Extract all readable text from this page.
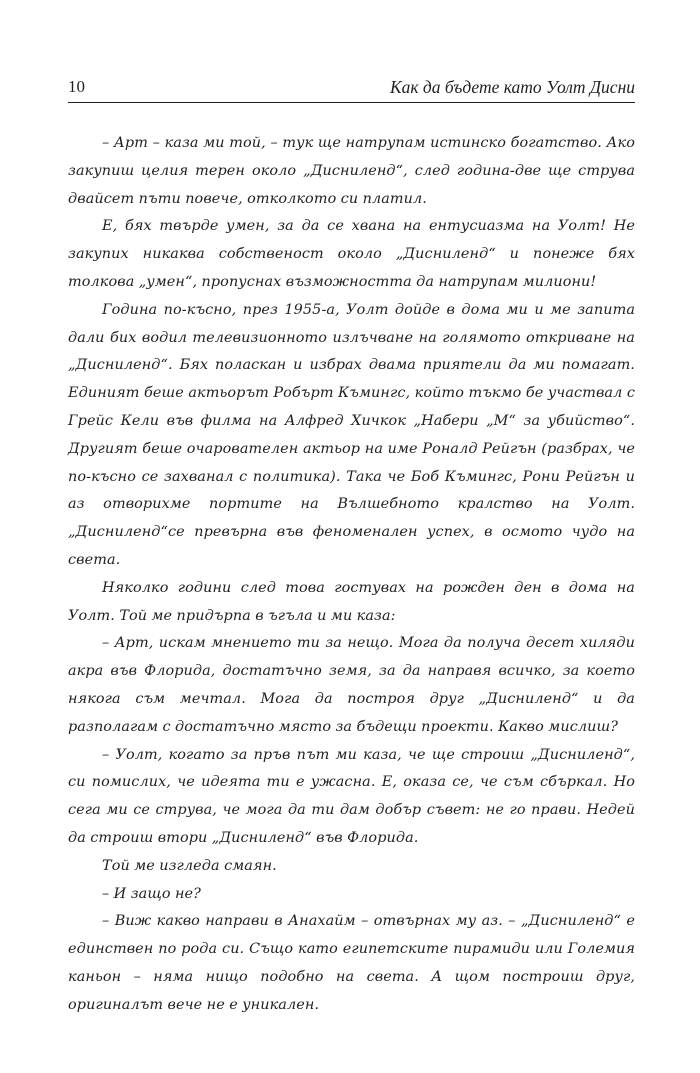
10	Как да бъдете като Уолт Дисни

– Арт – каза ми той, – тук ще натрупам истинско богатство. Ако закупиш целия терен около „Дисниленд“, след година-две ще струва двайсет пъти повече, отколкото си платил.

Е, бях твърде умен, за да се хвана на ентусиазма на Уолт! Не закупих никаква собственост около „Дисниленд“ и понеже бях толкова „умен“, пропуснах възможността да натрупам милиони!

Година по-късно, през 1955-а, Уолт дойде в дома ми и ме запита дали бих водил телевизионното излъчване на голямото откриване на „Дисниленд“. Бях поласкан и избрах двама приятели да ми помагат. Единият беше актьорът Робърт Къмингс, който тъкмо бе участвал с Грейс Кели във филма на Алфред Хичкок „Набери „М“ за убийство“. Другият беше очарователен актьор на име Роналд Рейгън (разбрах, че по-късно се захванал с политика). Така че Боб Къмингс, Рони Рейгън и аз отворихме портите на Вълшебното кралство на Уолт. „Дисниленд“се превърна във феноменален успех, в осмото чудо на света.

Няколко години след това гостувах на рожден ден в дома на Уолт. Той ме придърпа в ъгъла и ми каза:

– Арт, искам мнението ти за нещо. Мога да получа десет хиляди акра във Флорида, достатъчно земя, за да направя всичко, за което някога съм мечтал. Мога да построя друг „Дисниленд“ и да разполагам с достатъчно място за бъдещи проекти. Какво мислиш?

– Уолт, когато за пръв път ми каза, че ще строиш „Дисниленд“, си помислих, че идеята ти е ужасна. Е, оказа се, че съм сбъркал. Но сега ми се струва, че мога да ти дам добър съвет: не го прави. Недей да строиш втори „Дисниленд“ във Флорида.

Той ме изгледа смаян.

– И защо не?

– Виж какво направи в Анахайм – отвърнах му аз. – „Дисниленд“ е единствен по рода си. Също като египетските пирамиди или Големия каньон – няма нищо подобно на света. А щом построиш друг, оригиналът вече не е уникален.
